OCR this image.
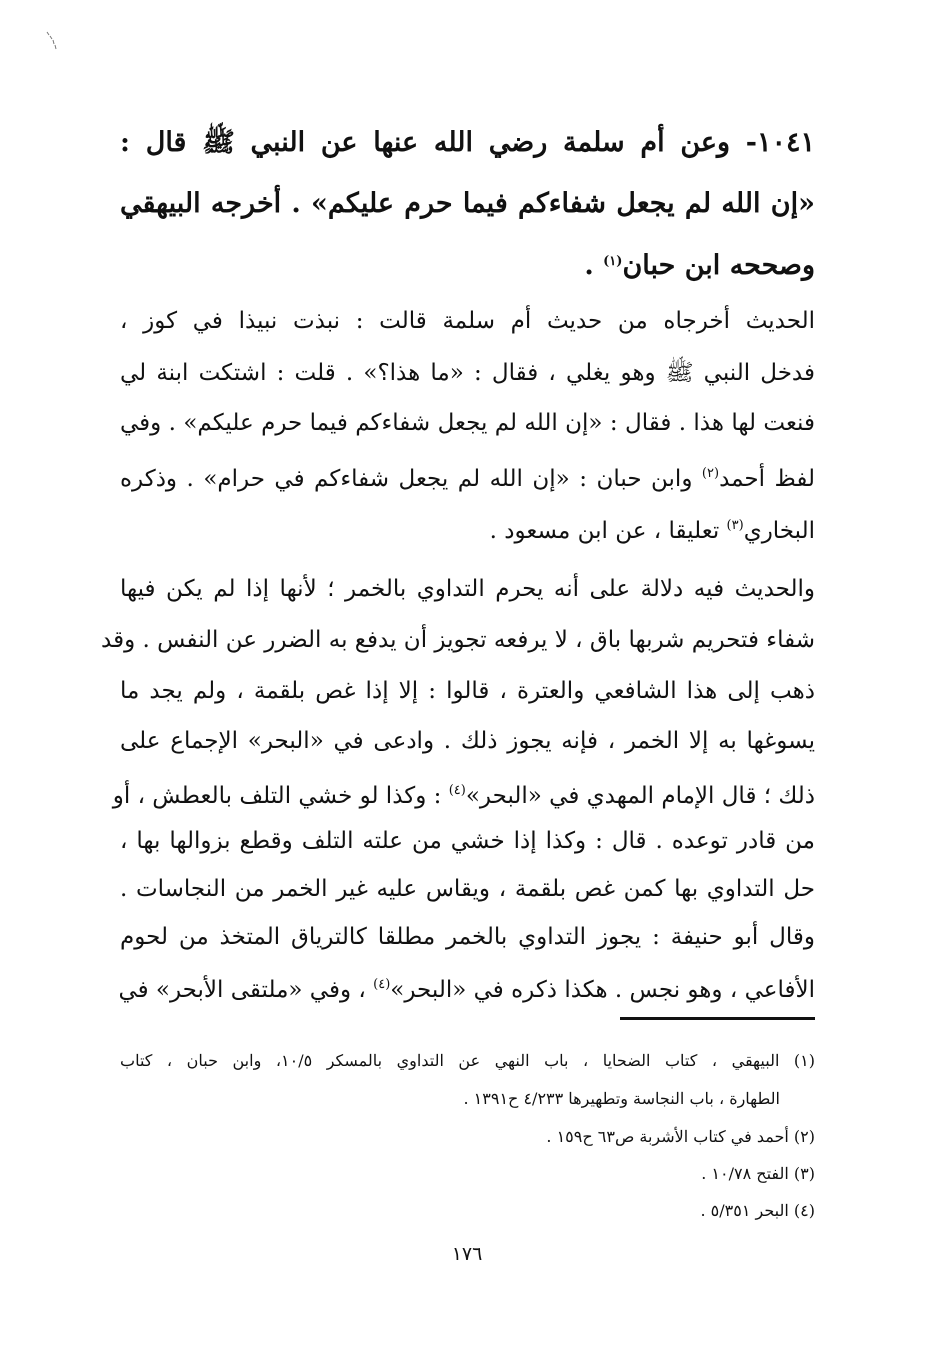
١٠٤١- وعن أم سلمة رضي الله عنها عن النبي ﷺ قال :
«إن الله لم يجعل شفاءكم فيما حرم عليكم» . أخرجه البيهقي
وصححه ابن حبان$^{(١)}$ .
الحديث أخرجاه من حديث أم سلمة قالت : نبذت نبيذا في كوز ،
فدخل النبي ﷺ وهو يغلي ، فقال : «ما هذا؟» . قلت : اشتكت ابنة لي
فنعت لها هذا . فقال : «إن الله لم يجعل شفاءكم فيما حرم عليكم» . وفي
لفظ أحمد$^{(٢)}$ وابن حبان : «إن الله لم يجعل شفاءكم في حرام» . وذكره
البخاري$^{(٣)}$ تعليقا ، عن ابن مسعود .
والحديث فيه دلالة على أنه يحرم التداوي بالخمر ؛ لأنها إذا لم يكن فيها
شفاء فتحريم شربها باق ، لا يرفعه تجويز أن يدفع به الضرر عن النفس . وقد
ذهب إلى هذا الشافعي والعترة ، قالوا : إلا إذا غص بلقمة ، ولم يجد ما
يسوغها به إلا الخمر ، فإنه يجوز ذلك . وادعى في «البحر» الإجماع على
ذلك ؛ قال الإمام المهدي في «البحر»$^{(٤)}$ : وكذا لو خشي التلف بالعطش ، أو
من قادر توعده . قال : وكذا إذا خشي من علته التلف وقطع بزوالها بها ،
حل التداوي بها كمن غص بلقمة ، ويقاس عليه غير الخمر من النجاسات .
وقال أبو حنيفة : يجوز التداوي بالخمر مطلقا كالترياق المتخذ من لحوم
الأفاعي ، وهو نجس . هكذا ذكره في «البحر»$^{(٤)}$ ، وفي «ملتقى الأبحر» في
(١) البيهقي ، كتاب الضحايا ، باب النهي عن التداوي بالمسكر ١٠/٥، وابن حبان ، كتاب
الطهارة ، باب النجاسة وتطهيرها ٤/٢٣٣ ح١٣٩١ .
(٢) أحمد في كتاب الأشربة ص٦٣ ح١٥٩ .
(٣) الفتح ١٠/٧٨ .
(٤) البحر ٥/٣٥١ .
١٧٦
